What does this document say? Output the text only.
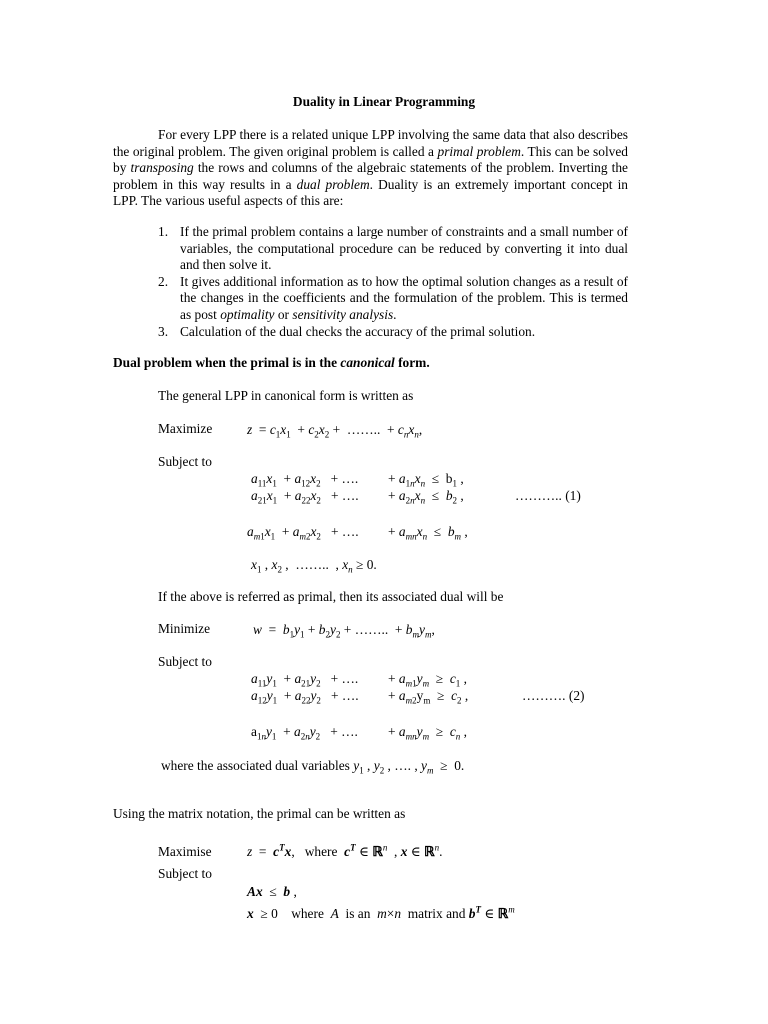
Duality in Linear Programming
For every LPP there is a related unique LPP involving the same data that also describes the original problem. The given original problem is called a primal problem. This can be solved by transposing the rows and columns of the algebraic statements of the problem. Inverting the problem in this way results in a dual problem. Duality is an extremely important concept in LPP. The various useful aspects of this are:
1. If the primal problem contains a large number of constraints and a small number of variables, the computational procedure can be reduced by converting it into dual and then solve it.
2. It gives additional information as to how the optimal solution changes as a result of the changes in the coefficients and the formulation of the problem. This is termed as post optimality or sensitivity analysis.
3. Calculation of the dual checks the accuracy of the primal solution.
Dual problem when the primal is in the canonical form.
The general LPP in canonical form is written as
Maximize	$z = c_1x_1 + c_2x_2$ +  ……..  + $c_nx_n$,
Subject to
$a_{11}x_1 + a_{12}x_2$   + …. + $a_{1n}x_n \le b_1$ ,
$a_{21}x_1 + a_{22}x_2$   + …. + $a_{2n}x_n \le b_2$ ,	……….. (1)
$a_{m1}x_1 + a_{m2}x_2$   + …. + $a_{mn}x_n \le b_m$ ,
$x_1$ , $x_2$ ,  ……..  , $x_n \ge 0$.
If the above is referred as primal, then its associated dual will be
Minimize	$w = b_1y_1 + b_2y_2$ + ……..  + $b_my_m$,
Subject to
$a_{11}y_1 + a_{21}y_2$   + …. + $a_{m1}y_m \ge c_1$ ,
$a_{12}y_1 + a_{22}y_2$   + …. + $a_{m2}y_m \ge c_2$ ,	………. (2)
$a_{1n}y_1 + a_{2n}y_2$   + …. + $a_{mn}y_m \ge c_n$ ,
where the associated dual variables $y_1$ , $y_2$ , …. , $y_m \ge 0$.
Using the matrix notation, the primal can be written as
Maximise	$z = c^Tx$,   where $c^T$ ∈ ℝ$^n$  , x ∈ ℝ$^n$.
Subject to
Ax  ≤  b ,
x  ≥ 0    where A is an m×n matrix and $b^T$ ∈ ℝ$^m$
